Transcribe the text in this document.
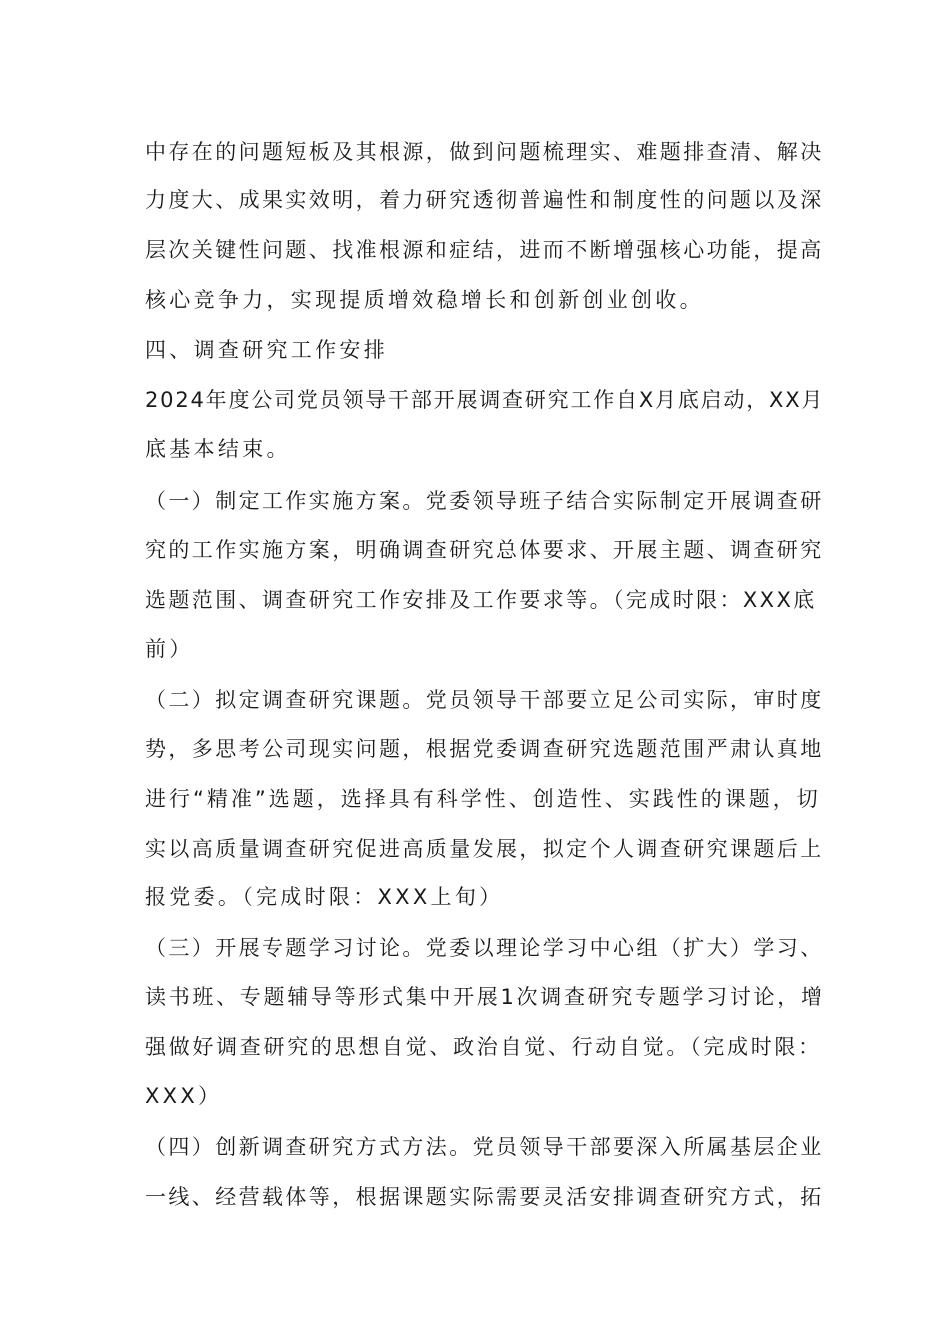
中存在的问题短板及其根源，做到问题梳理实、难题排查清、解决
力度大、成果实效明，着力研究透彻普遍性和制度性的问题以及深
层次关键性问题、找准根源和症结，进而不断增强核心功能，提高
核心竞争力，实现提质增效稳增长和创新创业创收。
四、调查研究工作安排
2024年度公司党员领导干部开展调查研究工作自X月底启动，XX月
底基本结束。
（一）制定工作实施方案。党委领导班子结合实际制定开展调查研
究的工作实施方案，明确调查研究总体要求、开展主题、调查研究
选题范围、调查研究工作安排及工作要求等。（完成时限：XXX底
前）
（二）拟定调查研究课题。党员领导干部要立足公司实际，审时度
势，多思考公司现实问题，根据党委调查研究选题范围严肃认真地
进行“精准”选题，选择具有科学性、创造性、实践性的课题，切
实以高质量调查研究促进高质量发展，拟定个人调查研究课题后上
报党委。（完成时限：XXX上旬）
（三）开展专题学习讨论。党委以理论学习中心组（扩大）学习、
读书班、专题辅导等形式集中开展1次调查研究专题学习讨论，增
强做好调查研究的思想自觉、政治自觉、行动自觉。（完成时限：
XXX）
（四）创新调查研究方式方法。党员领导干部要深入所属基层企业
一线、经营载体等，根据课题实际需要灵活安排调查研究方式，拓
